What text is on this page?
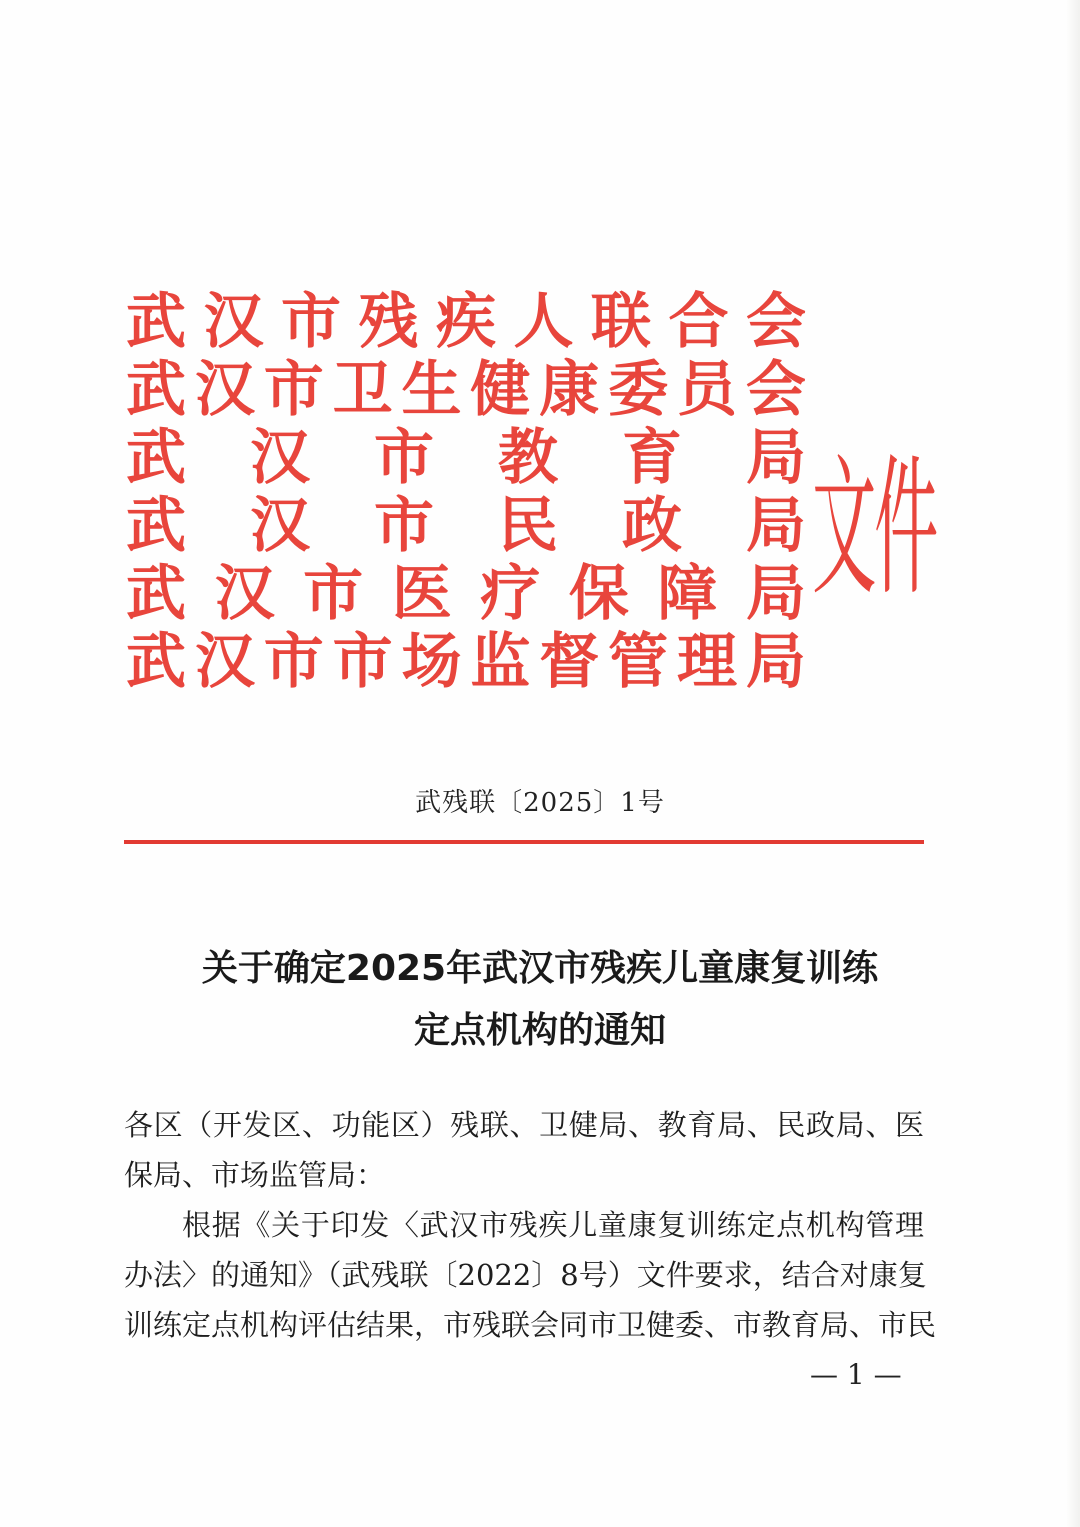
武 汉 市 残 疾 人 联 合 会
武 汉 市 卫 生 健 康 委 员 会
武 汉 市 教 育 局
武 汉 市 民 政 局
武 汉 市 医 疗 保 障 局
武 汉 市 市 场 监 督 管 理 局
文件
武残联〔2025〕1号
关于确定2025年武汉市残疾儿童康复训练
定点机构的通知

各区（开发区、功能区）残联、卫健局、教育局、民政局、医

保局、市场监管局：

根据《关于印发〈武汉市残疾儿童康复训练定点机构管理

办法〉的通知》（武残联〔2022〕8号）文件要求，结合对康复

训练定点机构评估结果，市残联会同市卫健委、市教育局、市民

— 1 —
